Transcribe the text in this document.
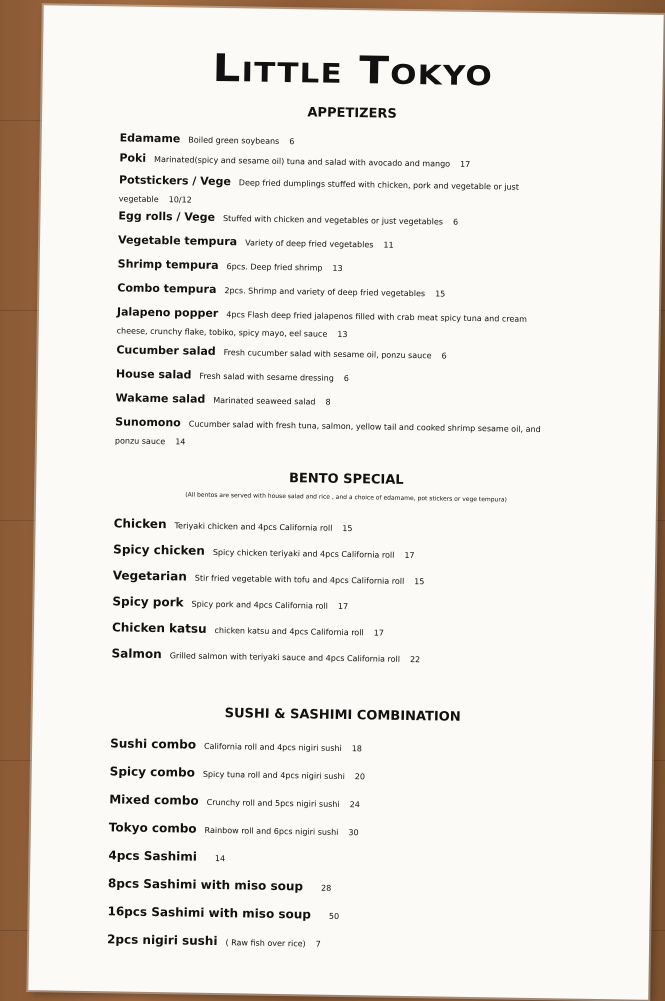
Little Tokyo
APPETIZERS
Edamame Boiled green soybeans 6
Poki Marinated(spicy and sesame oil) tuna and salad with avocado and mango 17
Potstickers / Vege Deep fried dumplings stuffed with chicken, pork and vegetable or just vegetable 10/12
Egg rolls / Vege Stuffed with chicken and vegetables or just vegetables 6
Vegetable tempura Variety of deep fried vegetables 11
Shrimp tempura 6pcs. Deep fried shrimp 13
Combo tempura 2pcs. Shrimp and variety of deep fried vegetables 15
Jalapeno popper 4pcs Flash deep fried jalapenos filled with crab meat spicy tuna and cream cheese, crunchy flake, tobiko, spicy mayo, eel sauce 13
Cucumber salad Fresh cucumber salad with sesame oil, ponzu sauce 6
House salad Fresh salad with sesame dressing 6
Wakame salad Marinated seaweed salad 8
Sunomono Cucumber salad with fresh tuna, salmon, yellow tail and cooked shrimp sesame oil, and ponzu sauce 14
BENTO SPECIAL
(All bentos are served with house salad and rice , and a choice of edamame, pot stickers or vege tempura)
Chicken Teriyaki chicken and 4pcs California roll 15
Spicy chicken Spicy chicken teriyaki and 4pcs California roll 17
Vegetarian Stir fried vegetable with tofu and 4pcs California roll 15
Spicy pork Spicy pork and 4pcs California roll 17
Chicken katsu chicken katsu and 4pcs California roll 17
Salmon Grilled salmon with teriyaki sauce and 4pcs California roll 22
SUSHI & SASHIMI COMBINATION
Sushi combo California roll and 4pcs nigiri sushi 18
Spicy combo Spicy tuna roll and 4pcs nigiri sushi 20
Mixed combo Crunchy roll and 5pcs nigiri sushi 24
Tokyo combo Rainbow roll and 6pcs nigiri sushi 30
4pcs Sashimi 14
8pcs Sashimi with miso soup 28
16pcs Sashimi with miso soup 50
2pcs nigiri sushi ( Raw fish over rice) 7
